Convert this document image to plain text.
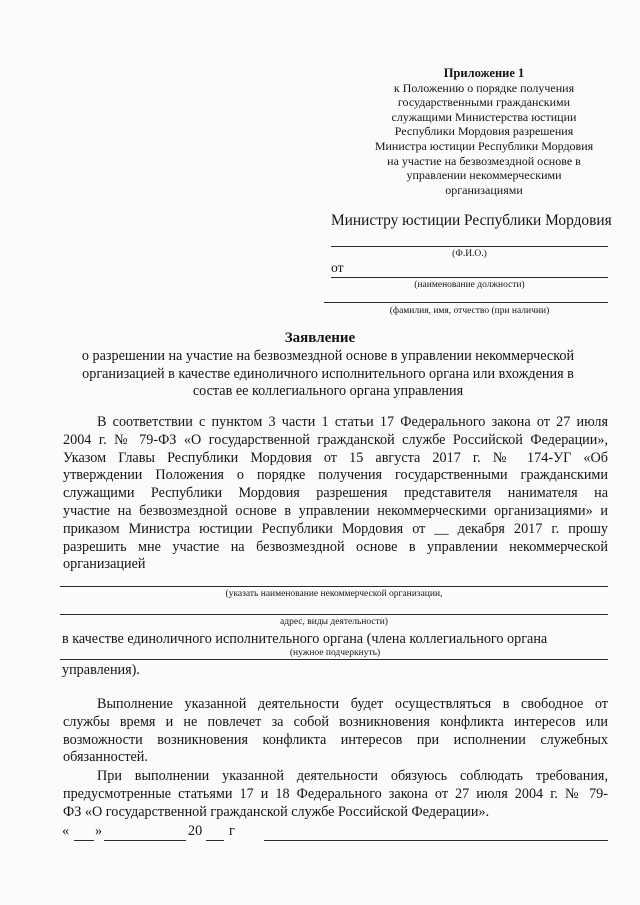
Приложение 1
к Положению о порядке получения
государственными гражданскими
служащими Министерства юстиции
Республики Мордовия разрешения
Министра юстиции Республики Мордовия
на участие на безвозмездной основе в
управлении некоммерческими
организациями
Министру юстиции Республики Мордовия
(Ф.И.О.)
от
(наименование должности)
(фамилия, имя, отчество (при наличии)
Заявление
о разрешении на участие на безвозмездной основе в управлении некоммерческой
организацией в качестве единоличного исполнительного органа или вхождения в
состав ее коллегиального органа управления
В соответствии с пунктом 3 части 1 статьи 17 Федерального закона от 27 июля
2004 г. № 79-ФЗ «О государственной гражданской службе Российской Федерации»,
Указом Главы Республики Мордовия от 15 августа 2017 г. № 174-УГ «Об
утверждении Положения о порядке получения государственными гражданскими
служащими Республики Мордовия разрешения представителя нанимателя на
участие на безвозмездной основе в управлении некоммерческими организациями» и
приказом Министра юстиции Республики Мордовия от __ декабря 2017 г. прошу
разрешить мне участие на безвозмездной основе в управлении некоммерческой
организацией
(указать наименование некоммерческой организации,
адрес, виды деятельности)
в качестве единоличного исполнительного органа (члена коллегиального органа
(нужное подчеркнуть)
управления).
Выполнение указанной деятельности будет осуществляться в свободное от
службы время и не повлечет за собой возникновения конфликта интересов или
возможности возникновения конфликта интересов при исполнении служебных
обязанностей.
При выполнении указанной деятельности обязуюсь соблюдать требования,
предусмотренные статьями 17 и 18 Федерального закона от 27 июля 2004 г. № 79-
ФЗ «О государственной гражданской службе Российской Федерации».
« »	20 г
